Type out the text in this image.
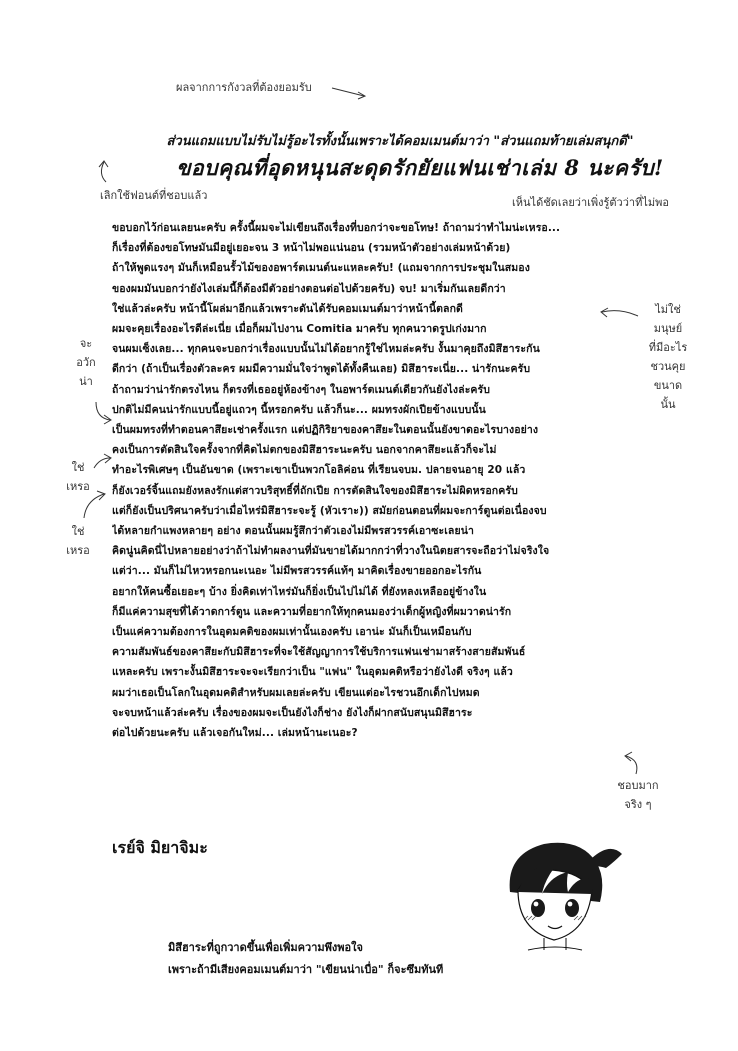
ผลจากการกังวลที่ต้องยอมรับ
ส่วนแถมแบบไม่รับไม่รู้อะไรทั้งนั้นเพราะได้คอมเมนต์มาว่า "ส่วนแถมท้ายเล่มสนุกดี"
ขอบคุณที่อุดหนุนสะดุดรักยัยแฟนเช่าเล่ม 8 นะครับ!
เลิกใช้ฟอนต์ที่ชอบแล้ว
เห็นได้ชัดเลยว่าเพิ่งรู้ตัวว่าที่ไม่พอ

ขอบอกไว้ก่อนเลยนะครับ ครั้งนี้ผมจะไม่เขียนถึงเรื่องที่บอกว่าจะขอโทษ! ถ้าถามว่าทำไมน่ะเหรอ...

ก็เรื่องที่ต้องขอโทษมันมีอยู่เยอะจน 3 หน้าไม่พอแน่นอน (รวมหน้าตัวอย่างเล่มหน้าด้วย)

ถ้าให้พูดแรงๆ มันก็เหมือนรั้วไม้ของอพาร์ตเมนต์นะแหละครับ! (แถมจากการประชุมในสมอง

ของผมมันบอกว่ายังไงเล่มนี้ก็ต้องมีตัวอย่างตอนต่อไปด้วยครับ) จบ! มาเริ่มกันเลยดีกว่า

ใช่แล้วล่ะครับ หน้านี้โผล่มาอีกแล้วเพราะดันได้รับคอมเมนต์มาว่าหน้านี้ตลกดี

ผมจะคุยเรื่องอะไรดีล่ะเนี่ย เมื่อก็ผมไปงาน Comitia มาครับ ทุกคนวาดรูปเก่งมาก

จนผมเซ็งเลย... ทุกคนจะบอกว่าเรื่องแบบนั้นไม่ได้อยากรู้ใช่ไหมล่ะครับ งั้นมาคุยถึงมิสึฮาระกัน

ดีกว่า (ถ้าเป็นเรื่องตัวละคร ผมมีความมั่นใจว่าพูดได้ทั้งคืนเลย) มิสึฮาระเนี่ย... น่ารักนะครับ

ถ้าถามว่าน่ารักตรงไหน ก็ตรงที่เธออยู่ห้องข้างๆ ในอพาร์ตเมนต์เดียวกันยังไงล่ะครับ

ปกติไม่มีคนน่ารักแบบนี้อยู่แถวๆ นี้หรอกครับ แล้วก็นะ... ผมทรงผักเปียข้างแบบนั้น

เป็นผมทรงที่ทำตอนคาสึยะเช่าครั้งแรก แต่ปฏิกิริยาของคาสึยะในตอนนั้นยังขาดอะไรบางอย่าง

คงเป็นการตัดสินใจครั้งจากที่คิดไม่ตกของมิสึฮาระนะครับ นอกจากคาสึยะแล้วก็จะไม่

ทำอะไรพิเศษๆ เป็นอันขาด (เพราะเขาเป็นพวกโอลิค่อน ที่เรียนจบม. ปลายจนอายุ 20 แล้ว

ก็ยังเวอร์จิ้นแถมยังหลงรักแต่สาวบริสุทธิ์ที่ถักเปีย การตัดสินใจของมิสึฮาระไม่ผิดหรอกครับ

แต่ก็ยังเป็นปริศนาครับว่าเมื่อไหร่มิสึฮาระจะรู้ (หัวเราะ)) สมัยก่อนตอนที่ผมจะการ์ตูนต่อเนื่องจบ

ได้หลายกำแพงหลายๆ อย่าง ตอนนั้นผมรู้สึกว่าตัวเองไม่มีพรสวรรค์เอาซะเลยน่า

คิดนู่นคิดนี่ไปหลายอย่างว่าถ้าไม่ทำผลงานที่มันขายได้มากกว่าที่วางในนิตยสารจะถือว่าไม่จริงใจ

แต่ว่า... มันก็ไม่ไหวหรอกนะเนอะ ไม่มีพรสวรรค์แท้ๆ มาคิดเรื่องขายออกอะไรกัน

อยากให้คนซื้อเยอะๆ บ้าง ยิ่งคิดเท่าไหร่มันก็ยิ่งเป็นไปไม่ได้ ที่ยังหลงเหลืออยู่ข้างใน

ก็มีแค่ความสุขที่ได้วาดการ์ตูน และความที่อยากให้ทุกคนมองว่าเด็กผู้หญิงที่ผมวาดน่ารัก

เป็นแค่ความต้องการในอุดมคติของผมเท่านั้นเองครับ เอาน่ะ มันก็เป็นเหมือนกับ

ความสัมพันธ์ของคาสึยะกับมิสึฮาระที่จะใช้สัญญาการใช้บริการแฟนเช่ามาสร้างสายสัมพันธ์

แหละครับ เพราะงั้นมิสึฮาระจะจะเรียกว่าเป็น "แฟน" ในอุดมคติหรือว่ายังไงดี จริงๆ แล้ว

ผมว่าเธอเป็นโลกในอุดมคติสำหรับผมเลยล่ะครับ เขียนแต่อะไรชวนอึกเด็กไปหมด

จะจบหน้าแล้วล่ะครับ เรื่องของผมจะเป็นยังไงก็ช่าง ยังไงก็ฝากสนับสนุนมิสึฮาระ

ต่อไปด้วยนะครับ แล้วเจอกันใหม่... เล่มหน้านะเนอะ?

ไม่ใช่
มนุษย์
ที่มีอะไร
ชวนคุย
ขนาด
นั้น
จะ
อวัก
น่า
ใช่
เหรอ
ใช่
เหรอ
ชอบมาก
จริง ๆ
เรย์จิ มิยาจิมะ
มิสึฮาระที่ถูกวาดขึ้นเพื่อเพิ่มความพึงพอใจ
เพราะถ้ามีเสียงคอมเมนต์มาว่า "เขียนน่าเบื่อ" ก็จะซึมทันที
